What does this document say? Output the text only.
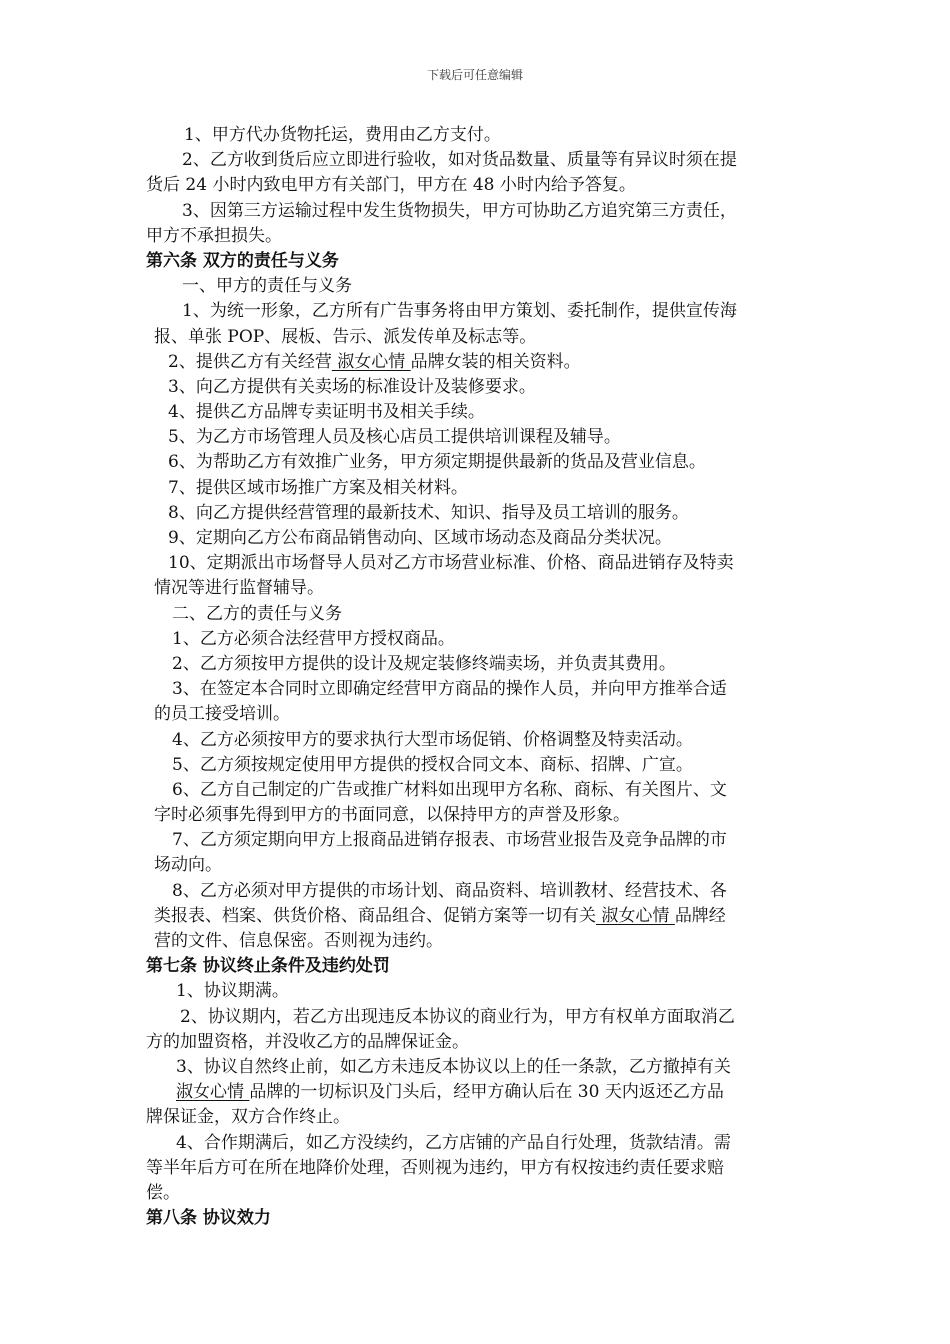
下载后可任意编辑
1、甲方代办货物托运，费用由乙方支付。
2、乙方收到货后应立即进行验收，如对货品数量、质量等有异议时须在提
货后 24 小时内致电甲方有关部门，甲方在 48 小时内给予答复。
3、因第三方运输过程中发生货物损失，甲方可协助乙方追究第三方责任，
甲方不承担损失。
第六条 双方的责任与义务
一、甲方的责任与义务
1、为统一形象，乙方所有广告事务将由甲方策划、委托制作，提供宣传海
报、单张 POP、展板、告示、派发传单及标志等。
2、提供乙方有关经营 淑女心情 品牌女装的相关资料。
3、向乙方提供有关卖场的标准设计及装修要求。
4、提供乙方品牌专卖证明书及相关手续。
5、为乙方市场管理人员及核心店员工提供培训课程及辅导。
6、为帮助乙方有效推广业务，甲方须定期提供最新的货品及营业信息。
7、提供区域市场推广方案及相关材料。
8、向乙方提供经营管理的最新技术、知识、指导及员工培训的服务。
9、定期向乙方公布商品销售动向、区域市场动态及商品分类状况。
10、定期派出市场督导人员对乙方市场营业标准、价格、商品进销存及特卖
情况等进行监督辅导。
二、乙方的责任与义务
1、乙方必须合法经营甲方授权商品。
2、乙方须按甲方提供的设计及规定装修终端卖场，并负责其费用。
3、在签定本合同时立即确定经营甲方商品的操作人员，并向甲方推举合适
的员工接受培训。
4、乙方必须按甲方的要求执行大型市场促销、价格调整及特卖活动。
5、乙方须按规定使用甲方提供的授权合同文本、商标、招牌、广宣。
6、乙方自己制定的广告或推广材料如出现甲方名称、商标、有关图片、文
字时必须事先得到甲方的书面同意，以保持甲方的声誉及形象。
7、乙方须定期向甲方上报商品进销存报表、市场营业报告及竞争品牌的市
场动向。
8、乙方必须对甲方提供的市场计划、商品资料、培训教材、经营技术、各
类报表、档案、供货价格、商品组合、促销方案等一切有关 淑女心情 品牌经
营的文件、信息保密。否则视为违约。
第七条 协议终止条件及违约处罚
1、协议期满。
2、协议期内，若乙方出现违反本协议的商业行为，甲方有权单方面取消乙
方的加盟资格，并没收乙方的品牌保证金。
3、协议自然终止前，如乙方未违反本协议以上的任一条款，乙方撤掉有关
淑女心情 品牌的一切标识及门头后，经甲方确认后在 30 天内返还乙方品
牌保证金，双方合作终止。
4、合作期满后，如乙方没续约，乙方店铺的产品自行处理，货款结清。需
等半年后方可在所在地降价处理，否则视为违约，甲方有权按违约责任要求赔
偿。
第八条 协议效力
